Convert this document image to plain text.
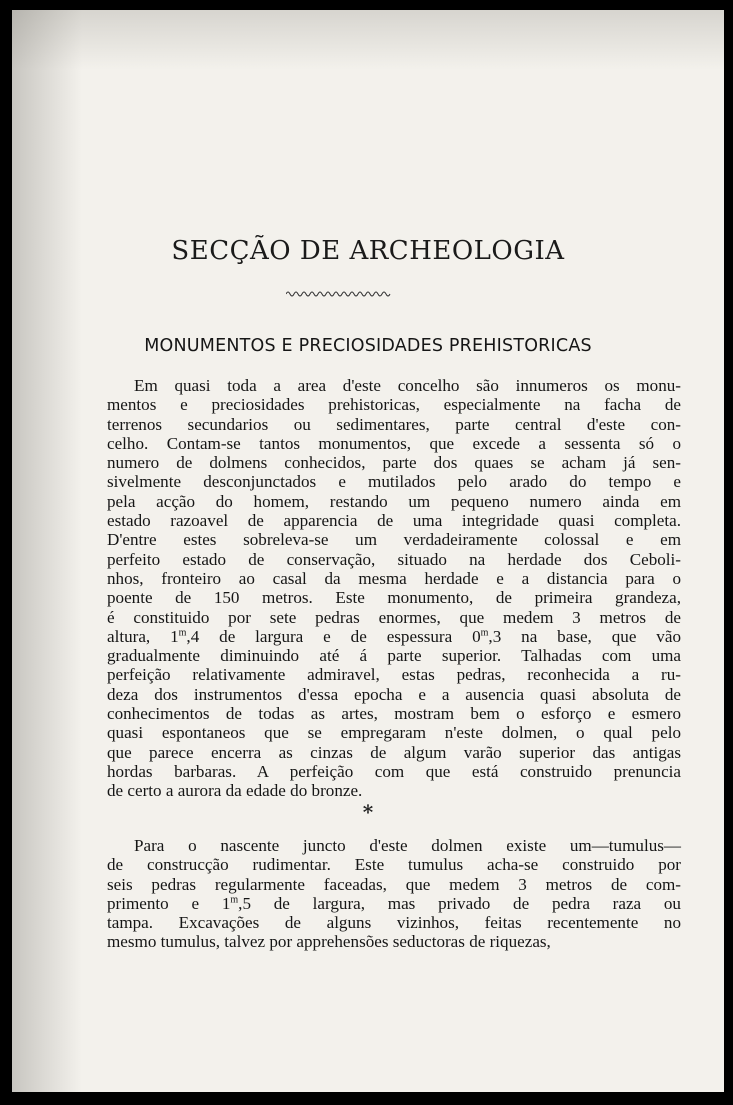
SECÇÃO DE ARCHEOLOGIA
MONUMENTOS E PRECIOSIDADES PREHISTORICAS
Em quasi toda a area d'este concelho são innumeros os monu-
mentos e preciosidades prehistoricas, especialmente na facha de
terrenos secundarios ou sedimentares, parte central d'este con-
celho. Contam-se tantos monumentos, que excede a sessenta só o
numero de dolmens conhecidos, parte dos quaes se acham já sen-
sivelmente desconjunctados e mutilados pelo arado do tempo e
pela acção do homem, restando um pequeno numero ainda em
estado razoavel de apparencia de uma integridade quasi completa.
D'entre estes sobreleva-se um verdadeiramente colossal e em
perfeito estado de conservação, situado na herdade dos Ceboli-
nhos, fronteiro ao casal da mesma herdade e a distancia para o
poente de 150 metros. Este monumento, de primeira grandeza,
é constituido por sete pedras enormes, que medem 3 metros de
altura, 1$^m$,4 de largura e de espessura 0$^m$,3 na base, que vão
gradualmente diminuindo até á parte superior. Talhadas com uma
perfeição relativamente admiravel, estas pedras, reconhecida a ru-
deza dos instrumentos d'essa epocha e a ausencia quasi absoluta de
conhecimentos de todas as artes, mostram bem o esforço e esmero
quasi espontaneos que se empregaram n'este dolmen, o qual pelo
que parece encerra as cinzas de algum varão superior das antigas
hordas barbaras. A perfeição com que está construido prenuncia
de certo a aurora da edade do bronze.
*
Para o nascente juncto d'este dolmen existe um—tumulus—
de construcção rudimentar. Este tumulus acha-se construido por
seis pedras regularmente faceadas, que medem 3 metros de com-
primento e 1$^m$,5 de largura, mas privado de pedra raza ou
tampa. Excavações de alguns vizinhos, feitas recentemente no
mesmo tumulus, talvez por apprehensões seductoras de riquezas,
